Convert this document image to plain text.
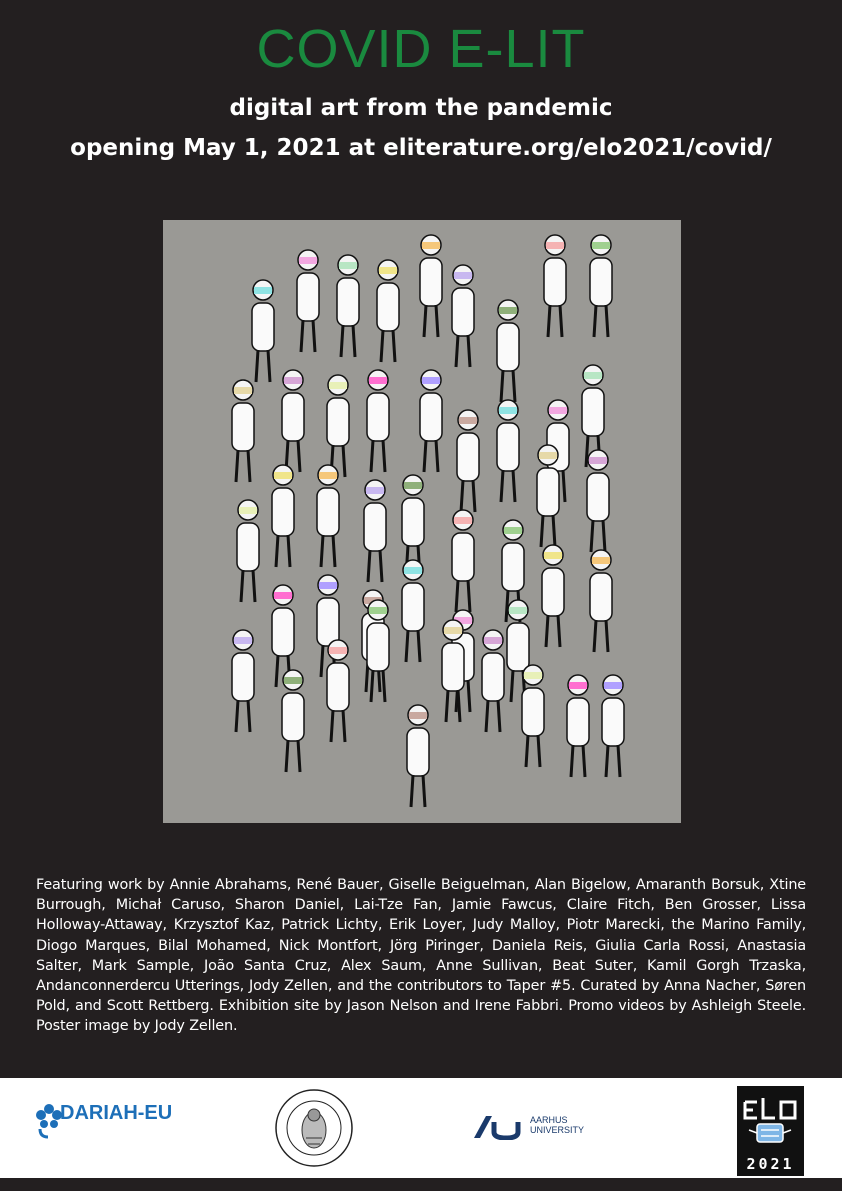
COVID E-LIT
digital art from the pandemic
opening May 1, 2021 at eliterature.org/elo2021/covid/
Featuring work by Annie Abrahams, René Bauer, Giselle Beiguelman, Alan Bigelow, Amaranth Borsuk, Xtine Burrough, Michał Caruso, Sharon Daniel, Lai-Tze Fan, Jamie Fawcus, Claire Fitch, Ben Grosser, Lissa Holloway-Attaway, Krzysztof Kaz, Patrick Lichty, Erik Loyer, Judy Malloy, Piotr Marecki, the Marino Family, Diogo Marques, Bilal Mohamed, Nick Montfort, Jörg Piringer, Daniela Reis, Giulia Carla Rossi, Anastasia Salter, Mark Sample, João Santa Cruz, Alex Saum, Anne Sullivan, Beat Suter, Kamil Gorgh Trzaska, Andanconnerdercu Utterings, Jody Zellen, and the contributors to Taper #5. Curated by Anna Nacher, Søren Pold, and Scott Rettberg. Exhibition site by Jason Nelson and Irene Fabbri. Promo videos by Ashleigh Steele. Poster image by Jody Zellen.
DARIAH-EU	AARHUS
UNIVERSITY
2021
